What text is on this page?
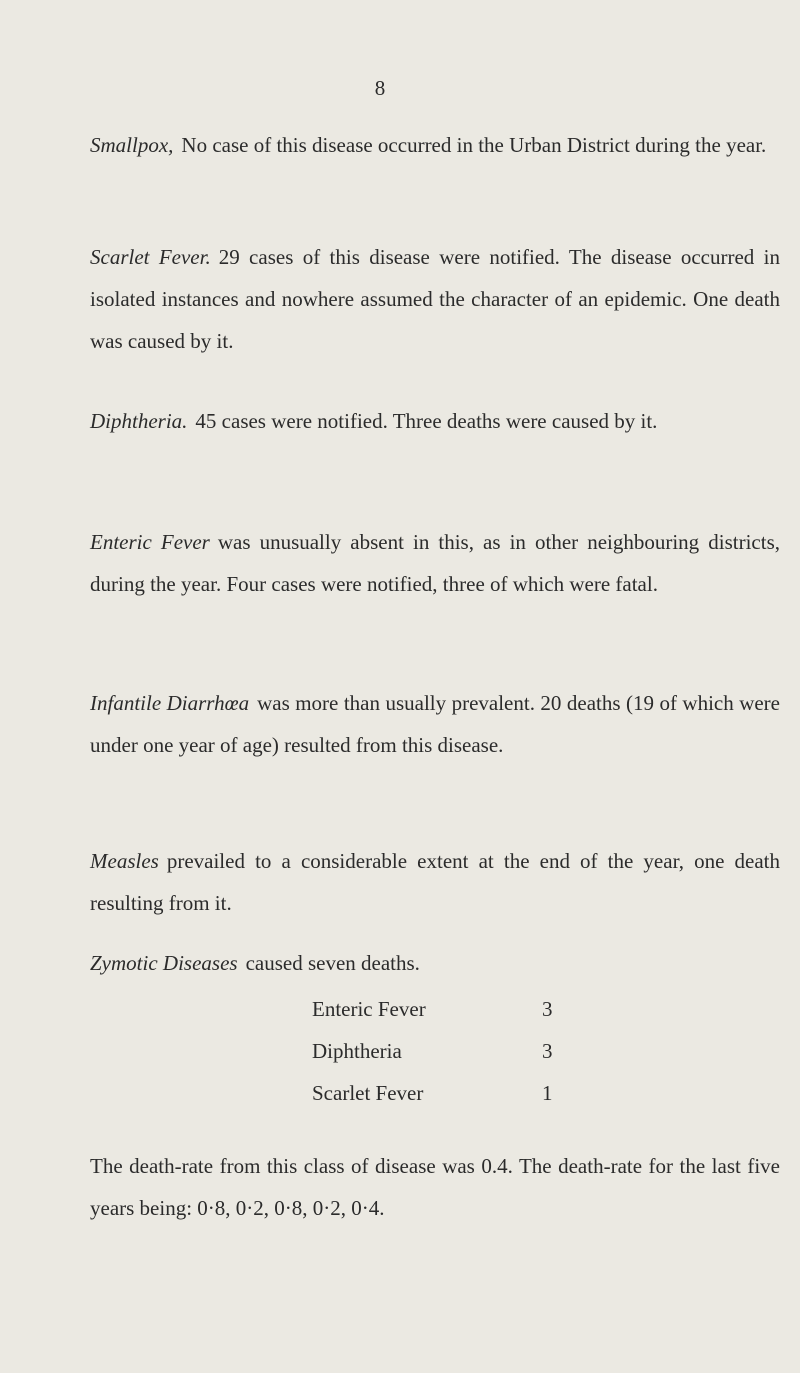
8
Smallpox, No case of this disease occurred in the Urban District during the year.
Scarlet Fever. 29 cases of this disease were notified. The disease occurred in isolated instances and nowhere assumed the character of an epidemic. One death was caused by it.
Diphtheria. 45 cases were notified. Three deaths were caused by it.
Enteric Fever was unusually absent in this, as in other neighbouring districts, during the year. Four cases were notified, three of which were fatal.
Infantile Diarrhœa was more than usually prevalent. 20 deaths (19 of which were under one year of age) resulted from this disease.
Measles prevailed to a considerable extent at the end of the year, one death resulting from it.
Zymotic Diseases caused seven deaths.
Enteric Fever	3
Diphtheria	3
Scarlet Fever	1
The death-rate from this class of disease was 0.4. The death-rate for the last five years being: 0·8, 0·2, 0·8, 0·2, 0·4.
